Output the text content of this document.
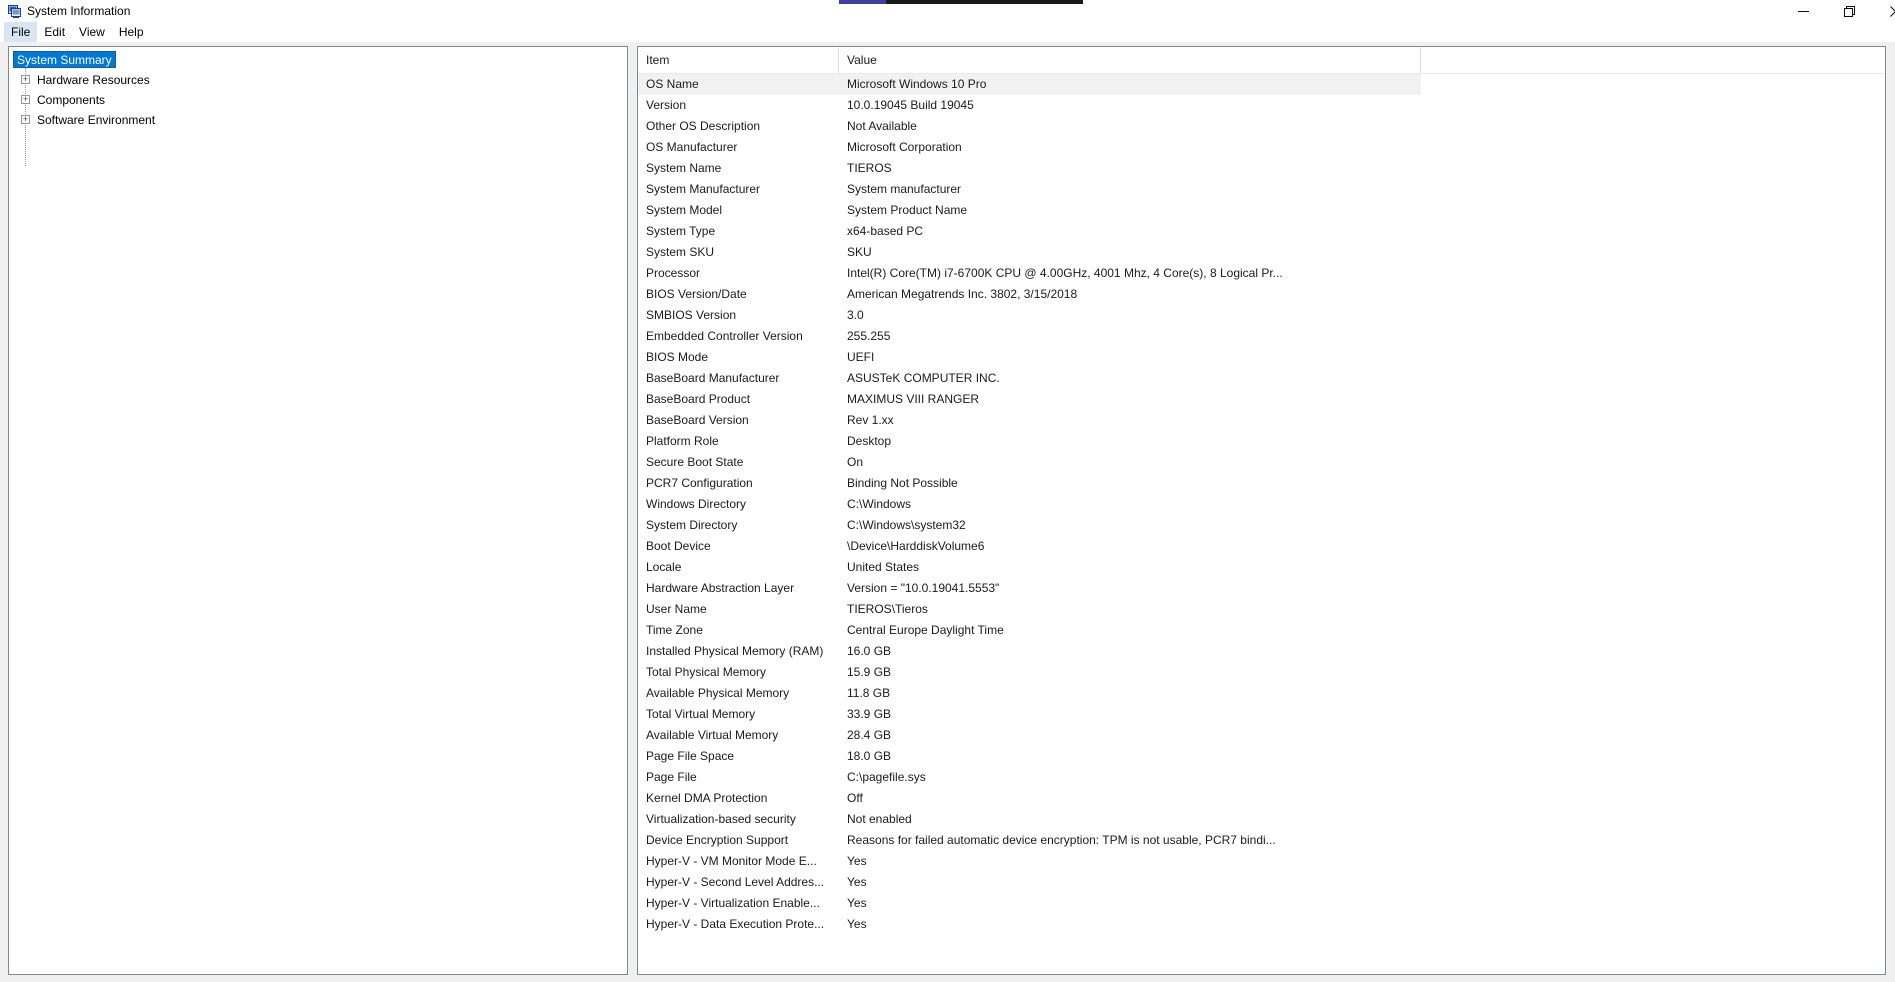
System Information
File	Edit	View	Help
System Summary
+ Hardware Resources
+ Components
+ Software Environment
Item	Value
OS Name	Microsoft Windows 10 Pro
Version	10.0.19045 Build 19045
Other OS Description	Not Available
OS Manufacturer	Microsoft Corporation
System Name	TIEROS
System Manufacturer	System manufacturer
System Model	System Product Name
System Type	x64-based PC
System SKU	SKU
Processor	Intel(R) Core(TM) i7-6700K CPU @ 4.00GHz, 4001 Mhz, 4 Core(s), 8 Logical Pr...
BIOS Version/Date	American Megatrends Inc. 3802, 3/15/2018
SMBIOS Version	3.0
Embedded Controller Version	255.255
BIOS Mode	UEFI
BaseBoard Manufacturer	ASUSTeK COMPUTER INC.
BaseBoard Product	MAXIMUS VIII RANGER
BaseBoard Version	Rev 1.xx
Platform Role	Desktop
Secure Boot State	On
PCR7 Configuration	Binding Not Possible
Windows Directory	C:\Windows
System Directory	C:\Windows\system32
Boot Device	\Device\HarddiskVolume6
Locale	United States
Hardware Abstraction Layer	Version = "10.0.19041.5553"
User Name	TIEROS\Tieros
Time Zone	Central Europe Daylight Time
Installed Physical Memory (RAM)	16.0 GB
Total Physical Memory	15.9 GB
Available Physical Memory	11.8 GB
Total Virtual Memory	33.9 GB
Available Virtual Memory	28.4 GB
Page File Space	18.0 GB
Page File	C:\pagefile.sys
Kernel DMA Protection	Off
Virtualization-based security	Not enabled
Device Encryption Support	Reasons for failed automatic device encryption: TPM is not usable, PCR7 bindi...
Hyper-V - VM Monitor Mode E...	Yes
Hyper-V - Second Level Addres...	Yes
Hyper-V - Virtualization Enable...	Yes
Hyper-V - Data Execution Prote...	Yes
